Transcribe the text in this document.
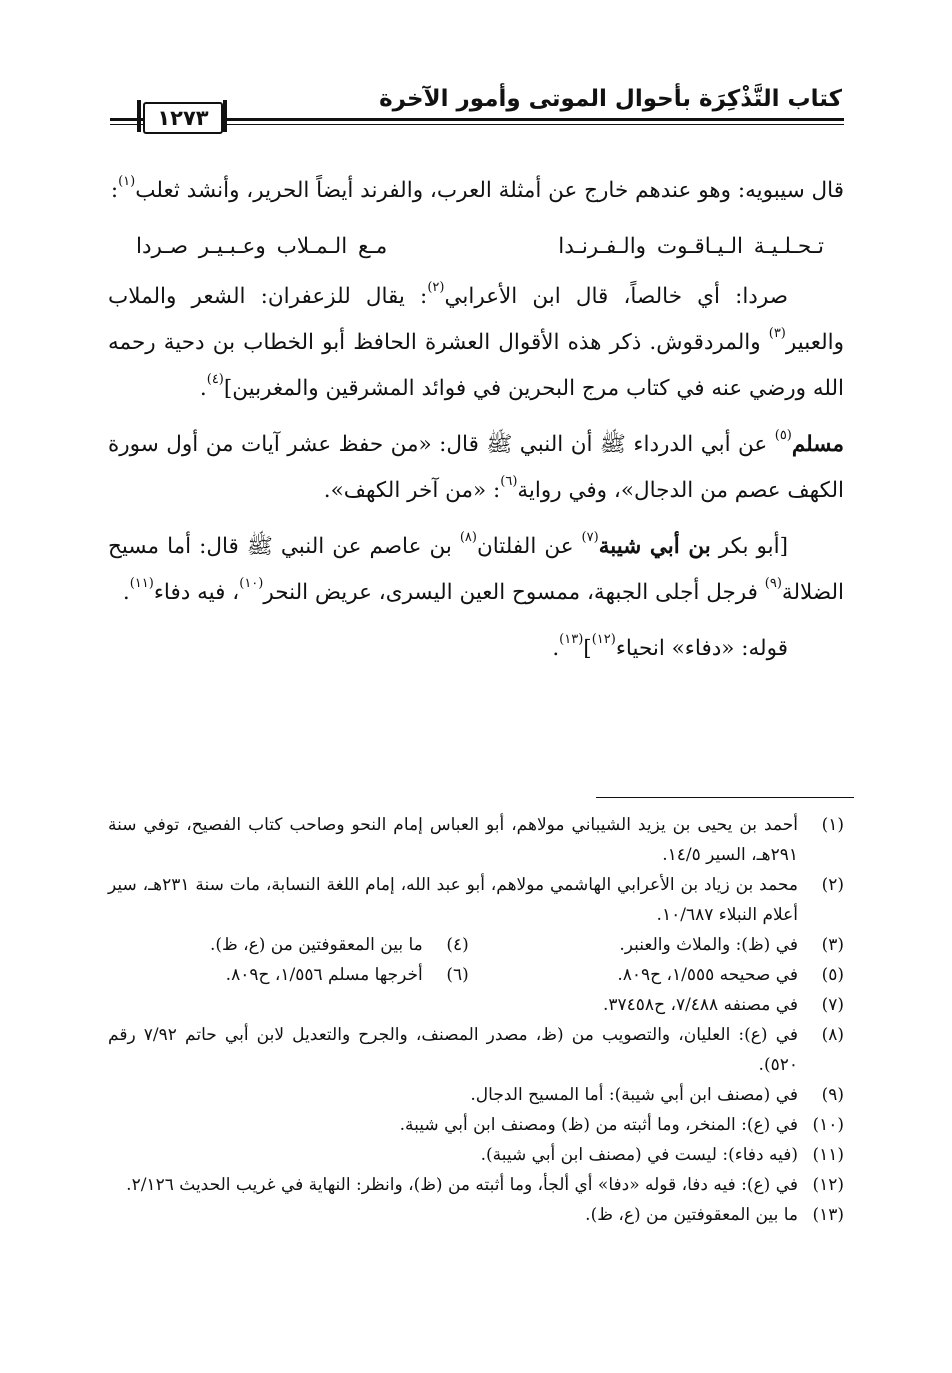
كتاب التَّذْكِرَة بأحوال الموتى وأمور الآخرة
١٢٧٣

قال سيبويه: وهو عندهم خارج عن أمثلة العرب، والفرند أيضاً الحرير، وأنشد ثعلب$^{(١)}$:

تـحـلـيـة الـيـاقـوت والـفـرنـدا
مـع الـمـلاب وعـبـيـر صـردا

صردا: أي خالصاً، قال ابن الأعرابي$^{(٢)}$: يقال للزعفران: الشعر والملاب والعبير$^{(٣)}$ والمردقوش. ذكر هذه الأقوال العشرة الحافظ أبو الخطاب بن دحية رحمه الله ورضي عنه في كتاب مرج البحرين في فوائد المشرقين والمغربين]$^{(٤)}$.

مسلم$^{(٥)}$ عن أبي الدرداء ﷺ أن النبي ﷺ قال: «من حفظ عشر آيات من أول سورة الكهف عصم من الدجال»، وفي رواية$^{(٦)}$: «من آخر الكهف».

[أبو بكر بن أبي شيبة$^{(٧)}$ عن الفلتان$^{(٨)}$ بن عاصم عن النبي ﷺ قال: أما مسيح الضلالة$^{(٩)}$ فرجل أجلى الجبهة، ممسوح العين اليسرى، عريض النحر$^{(١٠)}$، فيه دفاء$^{(١١)}$.

قوله: «دفاء» انحياء$^{(١٢)}$]$^{(١٣)}$.

(١)
أحمد بن يحيى بن يزيد الشيباني مولاهم، أبو العباس إمام النحو وصاحب كتاب الفصيح، توفي سنة ٢٩١هـ، السير ١٤/٥.
(٢)
محمد بن زياد بن الأعرابي الهاشمي مولاهم، أبو عبد الله، إمام اللغة النسابة، مات سنة ٢٣١هـ، سير أعلام النبلاء ١٠/٦٨٧.
(٣)
في (ظ): والملاث والعنبر.
(٤)
ما بين المعقوفتين من (ع، ظ).
(٥)
في صحيحه ١/٥٥٥، ح٨٠٩.
(٦)
أخرجها مسلم ١/٥٥٦، ح٨٠٩.
(٧)
في مصنفه ٧/٤٨٨، ح٣٧٤٥٨.
(٨)
في (ع): العليان، والتصويب من (ظ، مصدر المصنف، والجرح والتعديل لابن أبي حاتم ٧/٩٢ رقم ٥٢٠).
(٩)
في (مصنف ابن أبي شيبة): أما المسيح الدجال.
(١٠)
في (ع): المنخر، وما أثبته من (ظ) ومصنف ابن أبي شيبة.
(١١)
(فيه دفاء): ليست في (مصنف ابن أبي شيبة).
(١٢)
في (ع): فيه دفا، قوله «دفا» أي ألجأ، وما أثبته من (ظ)، وانظر: النهاية في غريب الحديث ٢/١٢٦.
(١٣)
ما بين المعقوفتين من (ع، ظ).
